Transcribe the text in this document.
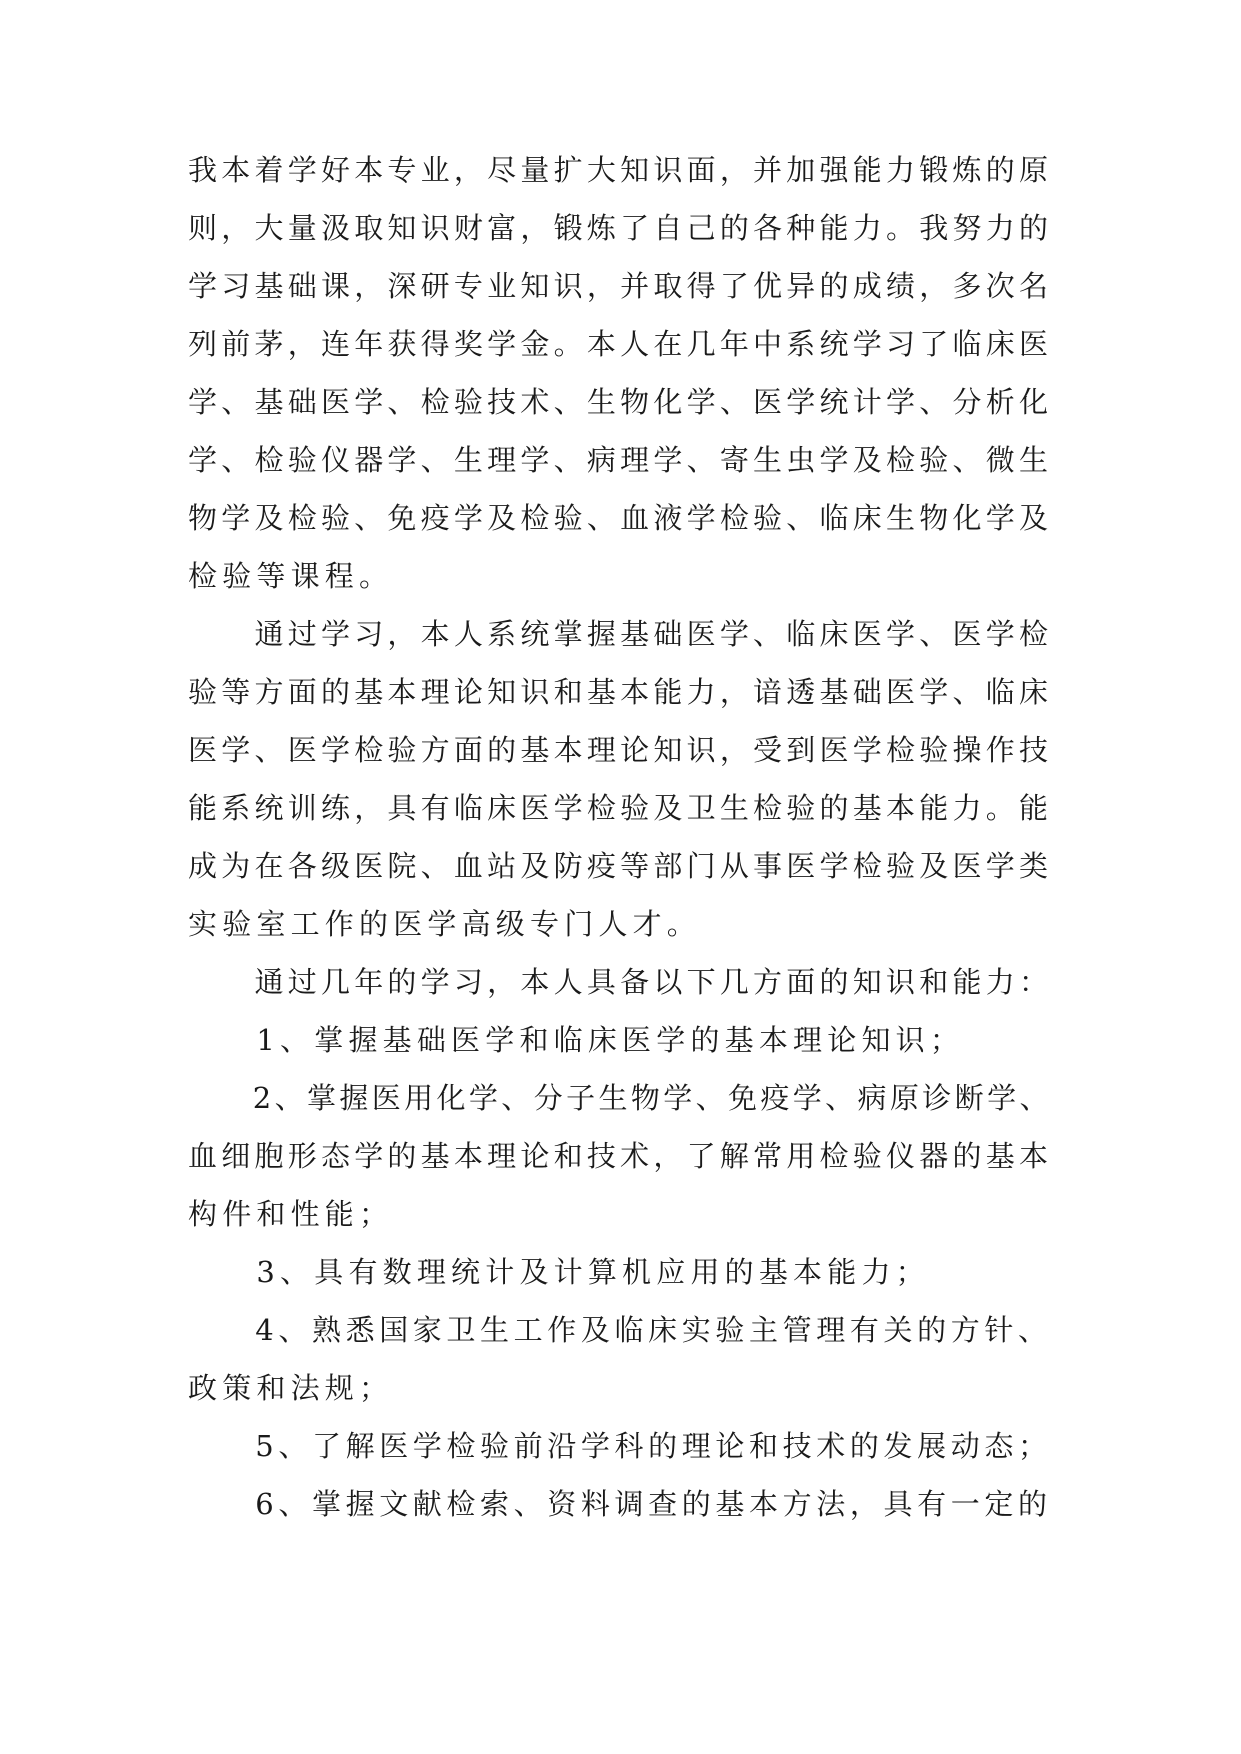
我本着学好本专业，尽量扩大知识面，并加强能力锻炼的原
则，大量汲取知识财富，锻炼了自己的各种能力。我努力的
学习基础课，深研专业知识，并取得了优异的成绩，多次名
列前茅，连年获得奖学金。本人在几年中系统学习了临床医
学、基础医学、检验技术、生物化学、医学统计学、分析化
学、检验仪器学、生理学、病理学、寄生虫学及检验、微生
物学及检验、免疫学及检验、血液学检验、临床生物化学及
检验等课程。
　　通过学习，本人系统掌握基础医学、临床医学、医学检
验等方面的基本理论知识和基本能力，谙透基础医学、临床
医学、医学检验方面的基本理论知识，受到医学检验操作技
能系统训练，具有临床医学检验及卫生检验的基本能力。能
成为在各级医院、血站及防疫等部门从事医学检验及医学类
实验室工作的医学高级专门人才。
　　通过几年的学习，本人具备以下几方面的知识和能力：
　　1、掌握基础医学和临床医学的基本理论知识；
　　2、掌握医用化学、分子生物学、免疫学、病原诊断学、
血细胞形态学的基本理论和技术，了解常用检验仪器的基本
构件和性能；
　　3、具有数理统计及计算机应用的基本能力；
　　4、熟悉国家卫生工作及临床实验主管理有关的方针、
政策和法规；
　　5、了解医学检验前沿学科的理论和技术的发展动态；
　　6、掌握文献检索、资料调查的基本方法，具有一定的
